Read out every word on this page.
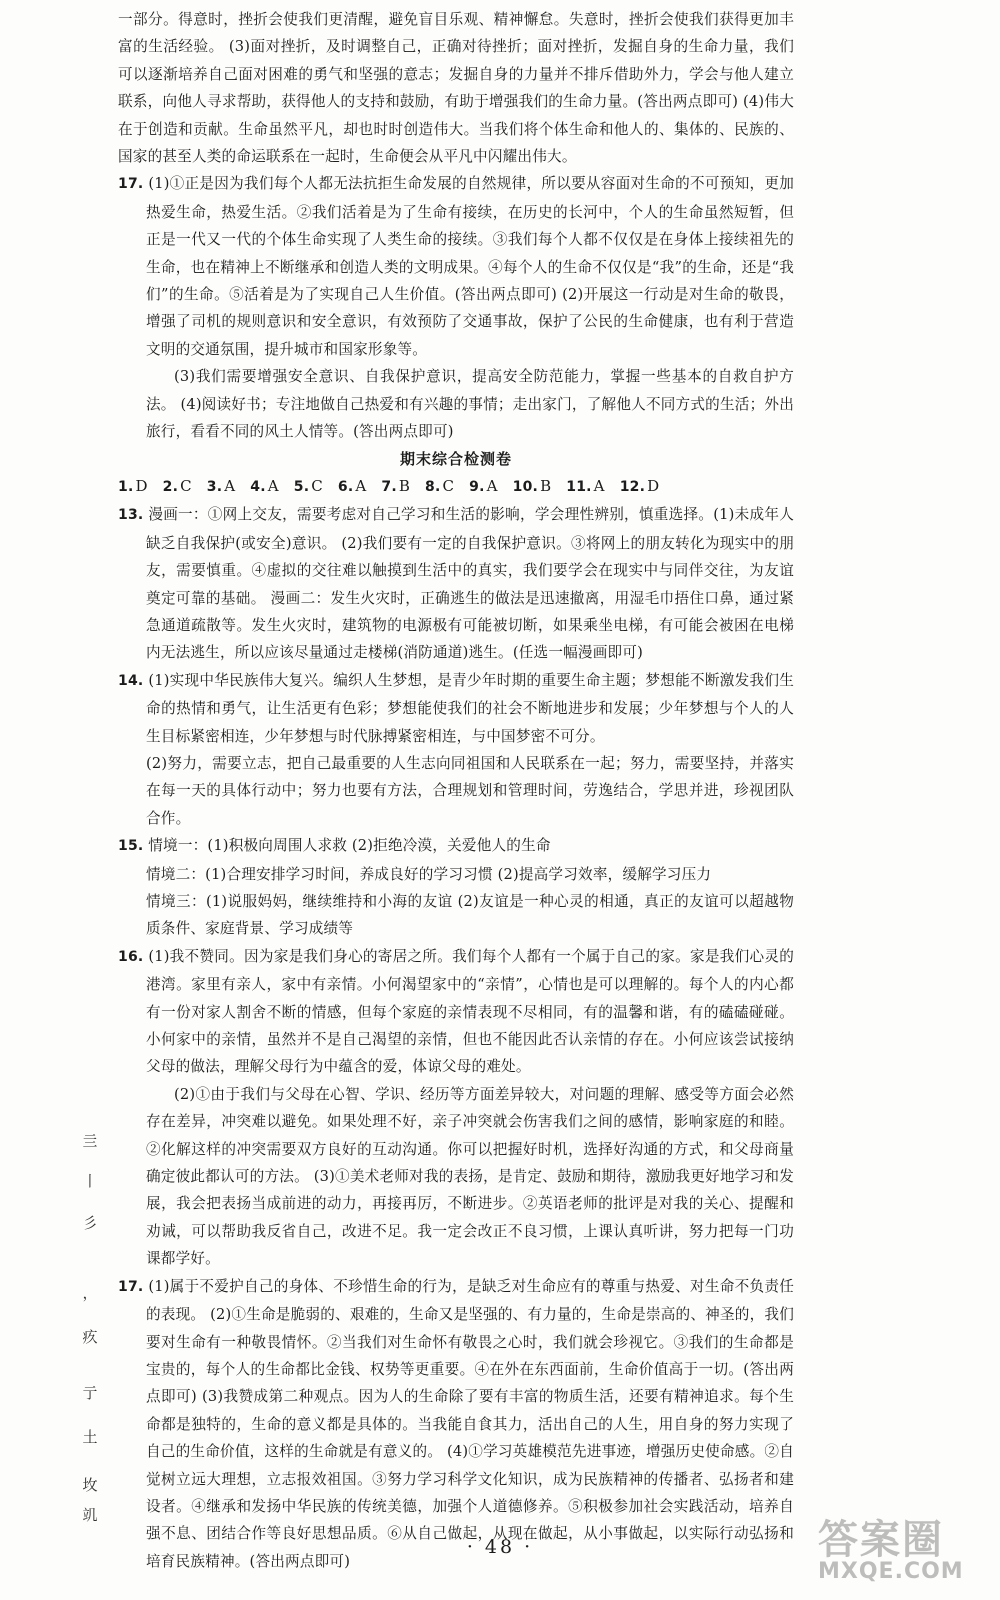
一部分。得意时，挫折会使我们更清醒，避免盲目乐观、精神懈怠。失意时，挫折会使我们获得更加丰富的生活经验。 (3)面对挫折，及时调整自己，正确对待挫折；面对挫折，发掘自身的生命力量，我们可以逐渐培养自己面对困难的勇气和坚强的意志；发掘自身的力量并不排斥借助外力，学会与他人建立联系，向他人寻求帮助，获得他人的支持和鼓励，有助于增强我们的生命力量。(答出两点即可) (4)伟大在于创造和贡献。生命虽然平凡，却也时时创造伟大。当我们将个体生命和他人的、集体的、民族的、国家的甚至人类的命运联系在一起时，生命便会从平凡中闪耀出伟大。

17. (1)①正是因为我们每个人都无法抗拒生命发展的自然规律，所以要从容面对生命的不可预知，更加热爱生命，热爱生活。②我们活着是为了生命有接续，在历史的长河中，个人的生命虽然短暂，但正是一代又一代的个体生命实现了人类生命的接续。③我们每个人都不仅仅是在身体上接续祖先的生命，也在精神上不断继承和创造人类的文明成果。④每个人的生命不仅仅是“我”的生命，还是“我们”的生命。⑤活着是为了实现自己人生价值。(答出两点即可) (2)开展这一行动是对生命的敬畏，增强了司机的规则意识和安全意识，有效预防了交通事故，保护了公民的生命健康，也有利于营造文明的交通氛围，提升城市和国家形象等。

(3)我们需要增强安全意识、自我保护意识，提高安全防范能力，掌握一些基本的自救自护方法。 (4)阅读好书；专注地做自己热爱和有兴趣的事情；走出家门，了解他人不同方式的生活；外出旅行，看看不同的风土人情等。(答出两点即可)

期末综合检测卷

1. D 2. C 3. A 4. A 5. C 6. A 7. B 8. C 9. A 10. B 11. A 12. D

13. 漫画一：①网上交友，需要考虑对自己学习和生活的影响，学会理性辨别，慎重选择。(1)未成年人缺乏自我保护(或安全)意识。 (2)我们要有一定的自我保护意识。③将网上的朋友转化为现实中的朋友，需要慎重。④虚拟的交往难以触摸到生活中的真实，我们要学会在现实中与同伴交往，为友谊奠定可靠的基础。 漫画二：发生火灾时，正确逃生的做法是迅速撤离，用湿毛巾捂住口鼻，通过紧急通道疏散等。发生火灾时，建筑物的电源极有可能被切断，如果乘坐电梯，有可能会被困在电梯内无法逃生，所以应该尽量通过走楼梯(消防通道)逃生。(任选一幅漫画即可)

14. (1)实现中华民族伟大复兴。编织人生梦想，是青少年时期的重要生命主题；梦想能不断激发我们生命的热情和勇气，让生活更有色彩；梦想能使我们的社会不断地进步和发展；少年梦想与个人的人生目标紧密相连，少年梦想与时代脉搏紧密相连，与中国梦密不可分。

(2)努力，需要立志，把自己最重要的人生志向同祖国和人民联系在一起；努力，需要坚持，并落实在每一天的具体行动中；努力也要有方法，合理规划和管理时间，劳逸结合，学思并进，珍视团队合作。

15. 情境一：(1)积极向周围人求救 (2)拒绝冷漠，关爱他人的生命

情境二：(1)合理安排学习时间，养成良好的学习习惯 (2)提高学习效率，缓解学习压力

情境三：(1)说服妈妈，继续维持和小海的友谊 (2)友谊是一种心灵的相通，真正的友谊可以超越物质条件、家庭背景、学习成绩等

16. (1)我不赞同。因为家是我们身心的寄居之所。我们每个人都有一个属于自己的家。家是我们心灵的港湾。家里有亲人，家中有亲情。小何渴望家中的“亲情”，心情也是可以理解的。每个人的内心都有一份对家人割舍不断的情感，但每个家庭的亲情表现不尽相同，有的温馨和谐，有的磕磕碰碰。小何家中的亲情，虽然并不是自己渴望的亲情，但也不能因此否认亲情的存在。小何应该尝试接纳父母的做法，理解父母行为中蕴含的爱，体谅父母的难处。

(2)①由于我们与父母在心智、学识、经历等方面差异较大，对问题的理解、感受等方面会必然存在差异，冲突难以避免。如果处理不好，亲子冲突就会伤害我们之间的感情，影响家庭的和睦。②化解这样的冲突需要双方良好的互动沟通。你可以把握好时机，选择好沟通的方式，和父母商量确定彼此都认可的方法。 (3)①美术老师对我的表扬，是肯定、鼓励和期待，激励我更好地学习和发展，我会把表扬当成前进的动力，再接再厉，不断进步。②英语老师的批评是对我的关心、提醒和劝诫，可以帮助我反省自己，改进不足。我一定会改正不良习惯，上课认真听讲，努力把每一门功课都学好。

17. (1)属于不爱护自己的身体、不珍惜生命的行为，是缺乏对生命应有的尊重与热爱、对生命不负责任的表现。 (2)①生命是脆弱的、艰难的，生命又是坚强的、有力量的，生命是崇高的、神圣的，我们要对生命有一种敬畏情怀。②当我们对生命怀有敬畏之心时，我们就会珍视它。③我们的生命都是宝贵的，每个人的生命都比金钱、权势等更重要。④在外在东西面前，生命价值高于一切。(答出两点即可) (3)我赞成第二种观点。因为人的生命除了要有丰富的物质生活，还要有精神追求。每个生命都是独特的，生命的意义都是具体的。当我能自食其力，活出自己的人生，用自身的努力实现了自己的生命价值，这样的生命就是有意义的。 (4)①学习英雄模范先进事迹，增强历史使命感。②自觉树立远大理想，立志报效祖国。③努力学习科学文化知识，成为民族精神的传播者、弘扬者和建设者。④继承和发扬中华民族的传统美德，加强个人道德修养。⑤积极参加社会实践活动，培养自强不息、团结合作等良好思想品质。⑥从自己做起，从现在做起，从小事做起，以实际行动弘扬和培育民族精神。(答出两点即可)

亖
丨
彡
，
疚
亍
土
坆
竌
· 48 ·	答案圈
MXQE.COM
